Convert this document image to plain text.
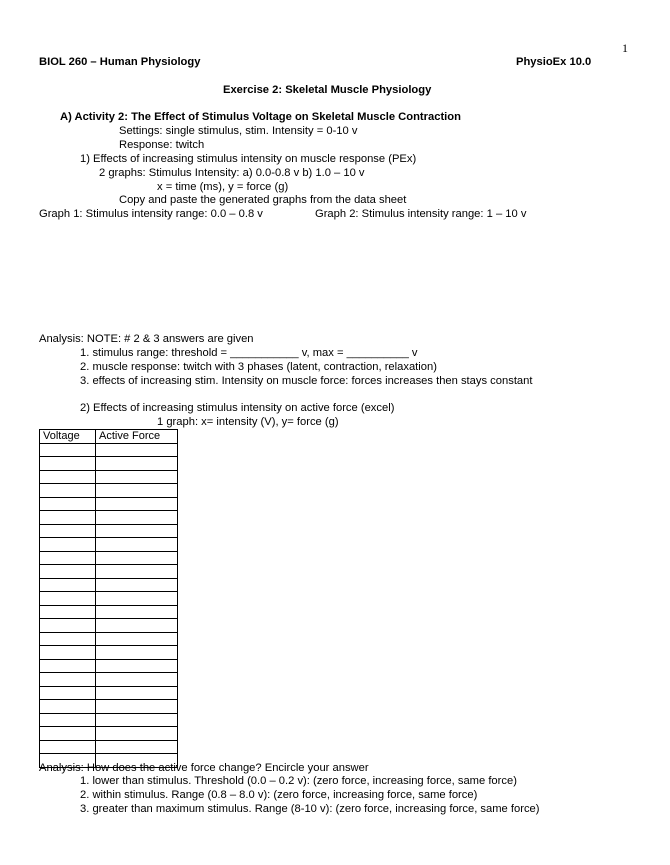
1
BIOL 260 – Human Physiology	PhysioEx 10.0
Exercise 2: Skeletal Muscle Physiology
A) Activity 2: The Effect of Stimulus Voltage on Skeletal Muscle Contraction
Settings: single stimulus, stim. Intensity = 0-10 v
Response: twitch
1) Effects of increasing stimulus intensity on muscle response (PEx)
2 graphs: Stimulus Intensity: a) 0.0-0.8 v b) 1.0 – 10 v
x = time (ms), y = force (g)
Copy and paste the generated graphs from the data sheet
Graph 1: Stimulus intensity range: 0.0 – 0.8 v	Graph 2: Stimulus intensity range: 1 – 10 v
Analysis: NOTE: # 2 & 3 answers are given
1. stimulus range: threshold = ___________ v, max = __________ v
2. muscle response: twitch with 3 phases (latent, contraction, relaxation)
3. effects of increasing stim. Intensity on muscle force: forces increases then stays constant
2) Effects of increasing stimulus intensity on active force (excel)
1 graph: x= intensity (V), y= force (g)
Voltage	Active Force

Analysis: How does the active force change? Encircle your answer
1. lower than stimulus. Threshold (0.0 – 0.2 v): (zero force, increasing force, same force)
2. within stimulus. Range (0.8 – 8.0 v): (zero force, increasing force, same force)
3. greater than maximum stimulus. Range (8-10 v): (zero force, increasing force, same force)
